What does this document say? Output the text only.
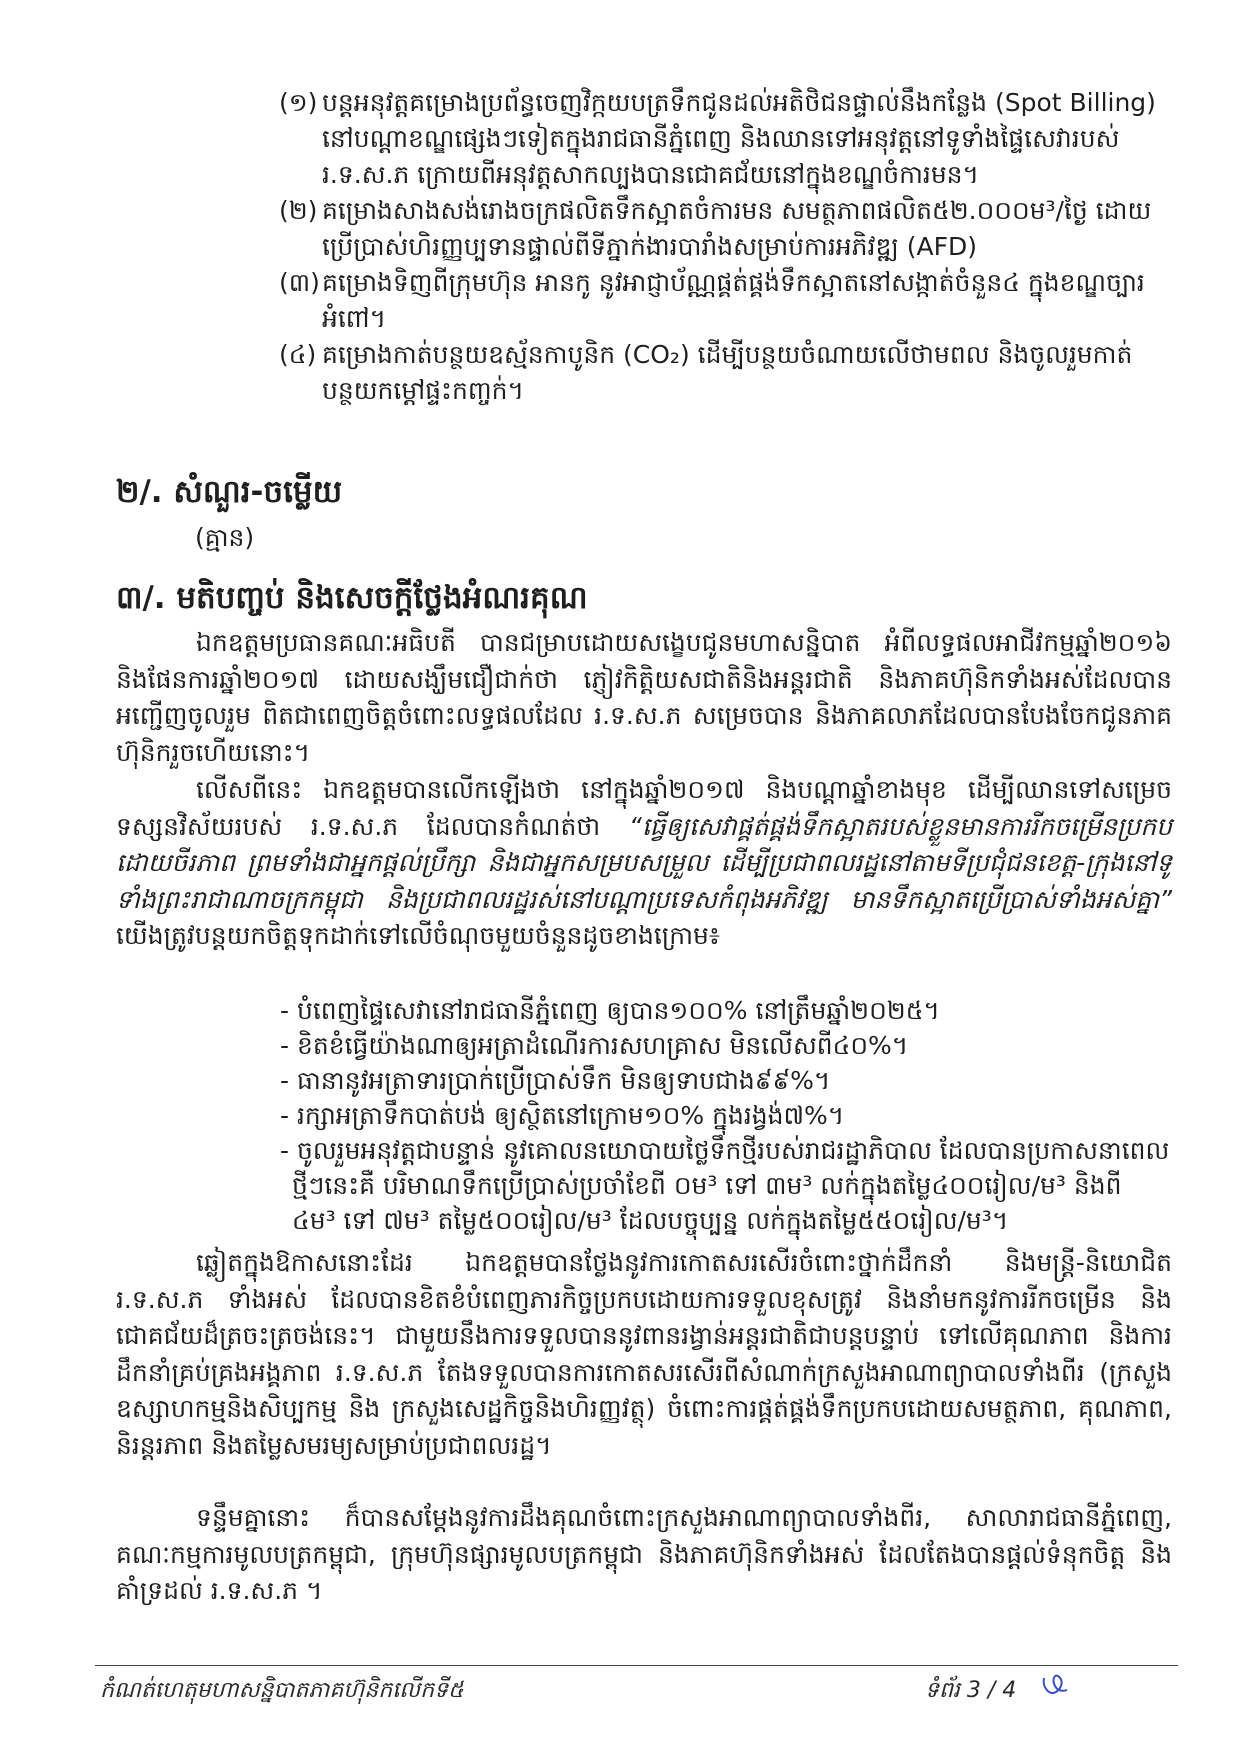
(១) បន្តអនុវត្តគម្រោងប្រព័ន្ធចេញវិក្កយបត្រទឹកជូនដល់អតិថិជនផ្ទាល់នឹងកន្លែង (Spot Billing) នៅបណ្ដាខណ្ឌផ្សេងៗទៀតក្នុងរាជធានីភ្នំពេញ និងឈានទៅអនុវត្តនៅទូទាំងផ្ទៃសេវារបស់ រ.ទ.ស.ភ ក្រោយពីអនុវត្តសាកល្បងបានជោគជ័យនៅក្នុងខណ្ឌចំការមន។
(២) គម្រោងសាងសង់រោងចក្រផលិតទឹកស្អាតចំការមន សមត្ថភាពផលិត៥២.០០០ម³/ថ្ងៃ ដោយប្រើប្រាស់ហិរញ្ញប្បទានផ្ទាល់ពីទីភ្នាក់ងារបារាំងសម្រាប់ការអភិវឌ្ឍ (AFD)
(៣) គម្រោងទិញពីក្រុមហ៊ុន អានកូ នូវអាជ្ញាប័ណ្ណផ្គត់ផ្គង់ទឹកស្អាតនៅសង្កាត់ចំនួន៤ ក្នុងខណ្ឌច្បារអំពៅ។
(៤) គម្រោងកាត់បន្ថយឧស្ម័នកាបូនិក (CO₂) ដើម្បីបន្ថយចំណាយលើថាមពល និងចូលរួមកាត់បន្ថយកម្ដៅផ្ទះកញ្ចក់។
២/. សំណួរ-ចម្លើយ
(គ្មាន)
៣/. មតិបញ្ចប់ និងសេចក្តីថ្លែងអំណរគុណ
ឯកឧត្តមប្រធានគណៈអធិបតី បានជម្រាបដោយសង្ខេបជូនមហាសន្និបាត អំពីលទ្ធផលអាជីវកម្មឆ្នាំ២០១៦ និងផែនការឆ្នាំ២០១៧ ដោយសង្ឃឹមជឿជាក់ថា ភ្ញៀវកិត្តិយសជាតិនិងអន្តរជាតិ និងភាគហ៊ុនិកទាំងអស់ដែលបានអញ្ជើញចូលរួម ពិតជាពេញចិត្តចំពោះលទ្ធផលដែល រ.ទ.ស.ភ សម្រេចបាន និងភាគលាភដែលបានបែងចែកជូនភាគហ៊ុនិករួចហើយនោះ។
លើសពីនេះ ឯកឧត្តមបានលើកឡើងថា នៅក្នុងឆ្នាំ២០១៧ និងបណ្តាឆ្នាំខាងមុខ ដើម្បីឈានទៅសម្រេចទស្សនវិស័យរបស់ រ.ទ.ស.ភ ដែលបានកំណត់ថា “ធ្វើឲ្យសេវាផ្គត់ផ្គង់ទឹកស្អាតរបស់ខ្លួនមានការរីកចម្រើនប្រកបដោយចីរភាព ព្រមទាំងជាអ្នកផ្ដល់ប្រឹក្សា និងជាអ្នកសម្របសម្រួល ដើម្បីប្រជាពលរដ្ឋនៅតាមទីប្រជុំជនខេត្ត-ក្រុងនៅទូទាំងព្រះរាជាណាចក្រកម្ពុជា និងប្រជាពលរដ្ឋរស់នៅបណ្តាប្រទេសកំពុងអភិវឌ្ឍ មានទឹកស្អាតប្រើប្រាស់ទាំងអស់គ្នា” យើងត្រូវបន្តយកចិត្តទុកដាក់ទៅលើចំណុចមួយចំនួនដូចខាងក្រោម៖
- បំពេញផ្ទៃសេវានៅរាជធានីភ្នំពេញ ឲ្យបាន១០០% នៅត្រឹមឆ្នាំ២០២៥។
- ខិតខំធ្វើយ៉ាងណាឲ្យអត្រាដំណើរការសហគ្រាស មិនលើសពី៤០%។
- ធានានូវអត្រាទារប្រាក់ប្រើប្រាស់ទឹក មិនឲ្យទាបជាង៩៩%។
- រក្សាអត្រាទឹកបាត់បង់ ឲ្យស្ថិតនៅក្រោម១០% ក្នុងរង្វង់៧%។
- ចូលរួមអនុវត្តជាបន្ទាន់ នូវគោលនយោបាយថ្លៃទឹកថ្មីរបស់រាជរដ្ឋាភិបាល ដែលបានប្រកាសនាពេលថ្មីៗនេះគឺ បរិមាណទឹកប្រើប្រាស់ប្រចាំខែពី ០ម³ ទៅ ៣ម³ លក់ក្នុងតម្លៃ៤០០រៀល/ម³ និងពី ៤ម³ ទៅ ៧ម³ តម្លៃ៥០០រៀល/ម³ ដែលបច្ចុប្បន្ន លក់ក្នុងតម្លៃ៥៥០រៀល/ម³។
ឆ្លៀតក្នុងឱកាសនោះដែរ ឯកឧត្តមបានថ្លែងនូវការកោតសរសើរចំពោះថ្នាក់ដឹកនាំ និងមន្ត្រី-និយោជិត រ.ទ.ស.ភ ទាំងអស់ ដែលបានខិតខំបំពេញភារកិច្ចប្រកបដោយការទទួលខុសត្រូវ និងនាំមកនូវការរីកចម្រើន និងជោគជ័យដ៏ត្រចះត្រចង់នេះ។ ជាមួយនឹងការទទួលបាននូវពានរង្វាន់អន្តរជាតិជាបន្តបន្ទាប់ ទៅលើគុណភាព និងការដឹកនាំគ្រប់គ្រងអង្គភាព រ.ទ.ស.ភ តែងទទួលបានការកោតសរសើរពីសំណាក់ក្រសួងអាណាព្យាបាលទាំងពីរ (ក្រសួងឧស្សាហកម្មនិងសិប្បកម្ម និង ក្រសួងសេដ្ឋកិច្ចនិងហិរញ្ញវត្ថុ) ចំពោះការផ្គត់ផ្គង់ទឹកប្រកបដោយសមត្ថភាព, គុណភាព, និរន្តរភាព និងតម្លៃសមរម្យសម្រាប់ប្រជាពលរដ្ឋ។
ទន្ទឹមគ្នានោះ ក៏បានសម្ដែងនូវការដឹងគុណចំពោះក្រសួងអាណាព្យាបាលទាំងពីរ, សាលារាជធានីភ្នំពេញ, គណៈកម្មការមូលបត្រកម្ពុជា, ក្រុមហ៊ុនផ្សារមូលបត្រកម្ពុជា និងភាគហ៊ុនិកទាំងអស់ ដែលតែងបានផ្តល់ទំនុកចិត្ត និងគាំទ្រដល់ រ.ទ.ស.ភ ។
កំណត់ហេតុមហាសន្និបាតភាគហ៊ុនិកលើកទី៥	ទំព័រ 3 / 4
